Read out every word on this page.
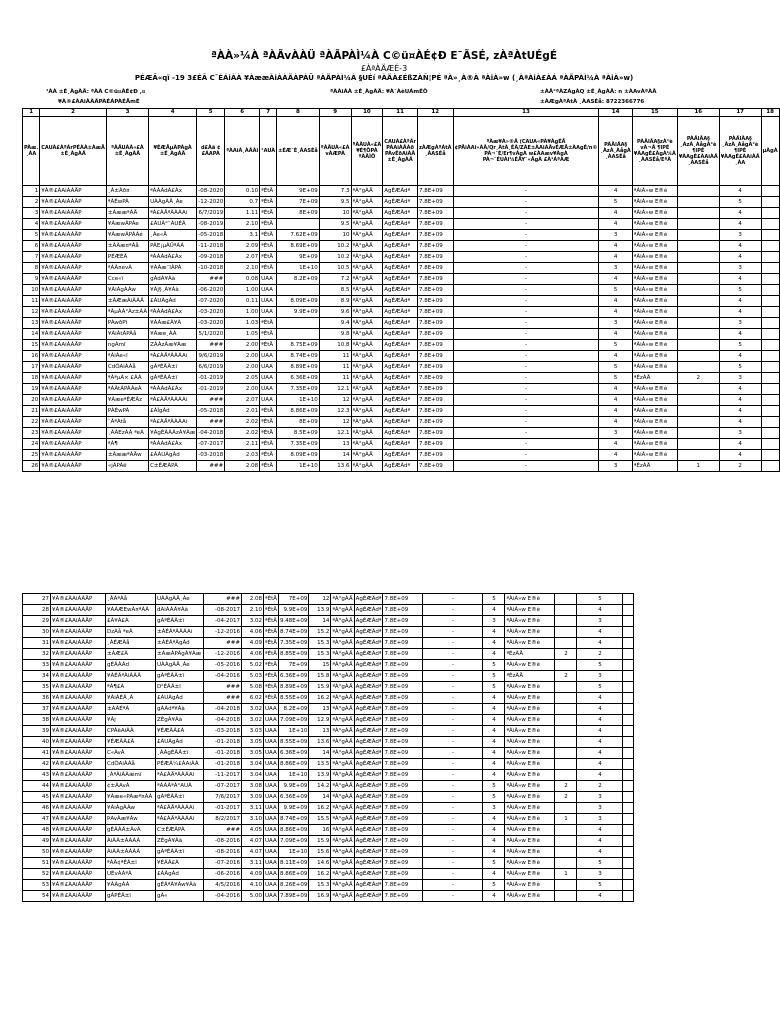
ªÀÀ»¼À ªÀÃvÀÀÜ ªÀÃPÀÌ¼À C©ü¤ÀÉ¢Ð E¯ÃSÉ, zÀªÀtUÉgÉ
£ÀªÀÄÆÉ-3
PÉÆÃ«qï -19 3£ÉÃ C¯ÉÁiÀÀ ¥ÀææÀiÀÀÄÀPÀÜ ªÀÄPÀÌ¼À §UÉí ªÀÄÀ£ÉßZÀÑ¦PÉ ªÀ»¸À®À ªÀiÀ»w (¸ÀªÀiÀ£ÀÁ ªÀÄPÀÌ¼À ªÀiÀ»w)
¹ÀÀ ±É¸ÀgÀÄ: ªÀÀ C©ü¤ÀÉ¢Ð ,¤	ªÀÀiÀÀ ±É¸ÀgÀÄ: ¥À¯ÀèUÁmÉÖ	±ÀÄ°ªÀZÁgÀQ ±É¸ÀgÀÄ: n ±ÀAvÀªÀÄ
¥À®£ÀAiÀÀÄPÀÉÁPÀÉÃmÉ	±ÀÆgÀªÀtÀ ¸ÀASÉå: 8722366776
1	2	3	4	5	6	7	8	9	10	11	12	13	14	15	16	17	18
PÀæ. ¸ÀA	CAUÀ£ÀªÁrPÉÀÀ±ÀæÃ ±É¸ÀgÀÄ	ªÀÄUÀÀ«£À ±É¸ÀgÀÄ	¥ÉÆÃµÀPÀgÀ ±É¸ÀgÀÄ	d£Àä ¢£ÁAPÀ	ªÀAiÀ¸ÀÄÀi	°AUÀ	±ÉÆ¯É¸ÀASÉå	ªÀÄUÀ«£À vÀÆPÀ	ªÀÄUÀ«£À ¥É¶ÖPÀ ªÀÄÌÖ	CAUÀ£ÀªÁr PÀAiÀÄÀð PÀvÉðAiÀÄ ±É¸ÀgÀÄ	zÀÆgÀªÁtÀ ¸ÀASÉå	ªÀæ¥À»®Ä (CAUA«PÀ¥ÀgÉÃ ¢PÃiÀAi»ÀÄ/Qr¸ÀtÀ¸ÉÀ/ZÀE±ÀAiÀÄvÉÆÃ±ÀAgÉ/n© PÀ¬¯É/Er¶vÁgÀ w£ÀAæv¥ÀgÀ PÀ¬¯ÉUÀi¼ÉÃY¨«ÃgÀ £À¹ÁªÀÆ	PÀÄlÄA§ ¸ÀzÀ¸ÀågÀ ¸ÀASÉå	PÀÄlÄA§zÀ°è vÀ¬Ä ¶IPÉ ¥ÀAgÉ£ÀgÀ¼À ¸ÀASÉå/EªÀ	PÀÄlÄA§ ¸ÀzÀ¸ÀågÀ°è ¶IPÉ ¥ÀAgÉ£ÀAiÀÄ ¸ÀASÉå	PÀÄlÄA§ ¸ÀzÀ¸ÀågÀ°è ¶IPÉ ¥ÀAgÉ£ÀAiÀÄ ¸ÀA	µÀgÀ
1	¥À®£ÀAiÀÀÄP	¸À±Àð¤	ªÀÀÀdÃ£Àx	-08-2020	0.10	ªÉtÄ	9E+09	7.3	ªÀ°gÀÄ	AgÉÆÃdª	7.8E+09	-	4	ªÀiÀ»w E®è		4	
2	¥À®£ÀAiÀÀÄP	ªÀÉwPÀ	UÀÀgÀÄ¸Àe	-12-2020	0.7	ªÉtÄ	7E+09	9.5	ªÀ°gÀÄ	AgÉÆÃdª	7.8E+09	-	5	ªÀiÀ»w E®è		5	
3	¥À®£ÀAiÀÀÄP	±ÀææªÀÄ	ªÀ£ÀÄªÀÀÁAi	6/7/2019	1.11	ªÉtÄ	8E+09	10	ªÀ°gÀÄ	AgÉÆÃdª	7.8E+09	-	4	ªÀiÀ»w E®è		4	
4	¥À®£ÀAiÀÀÄP	¥ÀæwÃPÀe	£ÀUÀ°¨ÀUÉÃ	-08-2019	2.10	ªÉtÄ		9.5	ªÀ°gÀÄ	AgÉÆÃdª	7.8E+09	-	4	ªÀiÀ»w E®è		4	
5	¥À®£ÀAiÀÀÄP	¥ÀæwÃPÀÀé	¸Àe«Ä	-05-2018	3.1	ªÉtÄ	7.62E+09	10	ªÀ°gÀÄ	AgÉÆÃdª	7.8E+09	-	3	ªÀiÀ»w E®è		3	
6	¥À®£ÀAiÀÀÄP	±ÀÀæ¤ªÀå	PÃE¡µÀÜªÀÁ	-11-2018	2.09	ªÉtÄ	8.69E+09	10.2	ªÀ°gÀÄ	AgÉÆÃdª	7.8E+09	-	4	ªÀiÀ»w E®è		4	
7	¥À®£ÀAiÀÀÄP	PÉÆÉÃ	ªÀÀÀdÃ£Àx	-09-2018	2.07	ªÉtÄ	9E+09	10.2	ªÀ°gÀÄ	AgÉÆÃdª	7.8E+09	-	4	ªÀiÀ»w E®è		4	
8	¥À®£ÀAiÀÀÄP	ªÀÀ¤evÀ	¥ÀÀæ¨ïÀPÀ	-10-2018	2.10	ªÉtÄ	1E+10	10.5	ªÀ°gÀÄ	AgÉÆÃdª	7.8E+09	-	3	ªÀiÀ»w E®è		3	
9	¥À®£ÀAiÀÀÄP	Cce«ï	gÀdÀ¥Àà	###	0.08	UAA	8.2E+09	7.2	ªÀ°gÀÄ	AgÉÆÃdª	7.8E+09	-	4	ªÀiÀ»w E®è		4	
10	¥À®£ÀAiÀÀÄP	¥ÀiÀgÀÀw	¥Àj§¸À¥Àà	-06-2020	1.00	UAA		8.5	ªÀ°gÀÄ	AgÉÆÃdª	7.8E+09	-	5	ªÀiÀ»w E®è		5	
11	¥À®£ÀAiÀÀÄP	±ÀÆæÀiÀÀÄ	£ÁUÀgÀd	-07-2020	0.11	UAA	8.09E+09	8.9	ªÀ°gÀÄ	AgÉÆÃdª	7.8E+09	-	4	ªÀiÀ»w E®è		4	
12	¥À®£ÀAiÀÀÄP	ªÀµÀÀ°Àz±ÀÀ	ªÀÀÀdÃ£Àx	-03-2020	1.00	UAA	9.9E+09	9.6	ªÀ°gÀÄ	AgÉÆÃdª	7.8E+09	-	4	ªÀiÀ»w E®è		4	
13	¥À®£ÀAiÀÀÄP	PÀwðPï	¥ÀÀæ£À¥À	-03-2020	1.03	ªÉtÄ		9.4	ªÀ°gÀÄ	AgÉÆÃdª	7.8E+09	-	3	ªÀiÀ»w E®è		3	
14	¥À®£ÀAiÀÀÄP	¥ÀiÀtÃPÀå	¥Àæe¸ÀÀ	5/1/2020	1.05	ªÉtÄ		9.8	ªÀ°gÀÄ	AgÉÆÃdª	7.8E+09	-	4	ªÀiÀ»w E®è		4	
15	¥À®£ÀAiÀÀÄP	ngÀmï	ZÀÀzÀæ¥Àæ	###	2.00	ªÉtÄ	8.75E+09	10.8	ªÀ°gÀÄ	AgÉÆÃdª	7.8E+09	-	5	ªÀiÀ»w E®è		5	
16	¥À®£ÀAiÀÀÄP	ªÀiÀe«ï	ªÀ£ÀÄªÀÀÁAi	9/6/2019	2.00	UAA	8.74E+09	11	ªÀ°gÀÄ	AgÉÆÃdª	7.8E+09	-	4	ªÀiÀ»w E®è		4	
17	¥À®£ÀAiÀÀÄP	CdÕAiÀÀå	gÀªÉÃÃ±ï	6/6/2019	2.00	UAA	8.89E+09	11	ªÀ°gÀÄ	AgÉÆÃdª	7.8E+09	-	5	ªÀiÀ»w E®è		5	
18	¥À®£ÀAiÀÀÄP	ªÀªµÀ× £ÀÁ	gÀªÉÃÃ±ï	-01-2019	2.05	UAA	6.36E+09	11	ªÀ°gÀÄ	AgÉÆÃdª	7.8E+09	-	5	ªÉzÀÄ	2	3	
19	¥À®£ÀAiÀÀÄP	ªÀÀtÃPÀÀeÀ	ªÀÀÀdÃ£Àx	-01-2019	2.00	UAA	7.35E+09	12.1	ªÀ°gÀÄ	AgÉÆÃdª	7.8E+09	-	4	ªÀiÀ»w E®è		4	
20	¥À®£ÀAiÀÀÄP	¥ÀæeªÉÆÃz	ªÀ£ÀÄªÀÀÁAi	###	2.07	UAA	1E+10	12	ªÀ°gÀÄ	AgÉÆÃdª	7.8E+09	-	4	ªÀiÀ»w E®è		4	
21	¥À®£ÀAiÀÀÄP	PÀÉwPÀ	£ÀÌgÀd	-05-2018	2.01	ªÉtÄ	8.86E+09	12.3	ªÀ°gÀÄ	AgÉÆÃdª	7.8E+09	-	4	ªÀiÀ»w E®è		4	
22	¥À®£ÀAiÀÀÄP	¯ÀªÀtå	ªÀ£ÀÄªÀÀÁAi	###	2.02	ªÉtÄ	8E+09	12	ªÀ°gÀÄ	AgÉÆÃdª	7.8E+09	-	4	ªÀiÀ»w E®è		4	
23	¥À®£ÀAiÀÀÄP	¸ÀÃEzÀÃ ªeÀ	¥ÀgÉÃÀÃzÀ¥Àæ	-04-2018	2.02	ªÉtÄ	8.5E+09	12.1	ªÀ°gÀÄ	AgÉÆÃdª	7.8E+09	-	3	ªÀiÀ»w E®è		3	
24	¥À®£ÀAiÀÀÄP	ªÀ¶	ªÀÀÀdÃ£Àx	-07-2017	2.11	ªÉtÄ	7.35E+09	13	ªÀ°gÀÄ	AgÉÆÃdª	7.8E+09	-	4	ªÀiÀ»w E®è		4	
25	¥À®£ÀAiÀÀÄP	±ÀææªÀÄw	£ÀÁUÀgÀd	-03-2018	2.03	ªÉtÄ	8.09E+09	14	ªÀ°gÀÄ	AgÉÆÃdª	7.8E+09	-	4	ªÀiÀ»w E®è		4	
26	¥À®£ÀAiÀÀÄP	«jÃPÀë	C±ÉÆÃPÀ	###	2.08	ªÉtÄ	1E+10	13.6	ªÀ°gÀÄ	AgÉÆÃdª	7.8E+09	-	3	ªÉzÀÄ	1	2	
27	¥À®£ÀAiÀÀÄP	¸ÀÀªÀå	UÀÀgÀÄ¸Àe	###	2.08	ªÉtÄ	7E+09	12	ªÀ°gÀÄ	AgÉÆÃdª	7.8E+09	-	5	ªÀiÀ»w E®è		5	
28	¥À®£ÀAiÀÀÄP	¥ÀÁÆEwÃ¤ªÀÀ	dAiÀÀÃ¥Àà	-08-2017	2.10	ªÉtÄ	9.9E+09	13.9	ªÀ°gÀÄ	AgÉÆÃdª	7.8E+09	-	4	ªÀiÀ»w E®è		4	
29	¥À®£ÀAiÀÀÄP	£À¥À£À	gÀªÉÃÃ±ï	-04-2017	3.02	ªÉtÄ	9.48E+09	14	ªÀ°gÀÄ	AgÉÆÃdª	7.8E+09	-	3	ªÀiÀ»w E®è		3	
30	¥À®£ÀAiÀÀÄP	DzÀå ªeÀ	±ÀÉÃªÀÀÁAi	-12-2016	4.06	ªÉtÄ	8.74E+09	15.2	ªÀ°gÀÄ	AgÉÆÃdª	7.8E+09	-	4	ªÀiÀ»w E®è		4	
31	¥À®£ÀAiÀÀÄP	¸ÀÉÆÃå	±ÀÉÃªÀgÀd	###	4.09	ªÉtÄ	7.35E+09	15.3	ªÀ°gÀÄ	AgÉÆÃdª	7.8E+09	-	4	ªÀiÀ»w E®è		4	
32	¥À®£ÀAiÀÀÄP	±ÀÆ£Ã	±ÀæÀPÀgÀ¥Àæ	-12-2016	4.06	ªÉtÄ	8.85E+09	15.3	ªÀ°gÀÄ	AgÉÆÃdª	7.8E+09	-	4	ªÉzÀÄ	2	2	
33	¥À®£ÀAiÀÀÄP	gÉÃÀÃd	UÀÀgÀÄ¸Àe	-05-2016	5.02	ªÉtÄ	7E+09	15	ªÀ°gÀÄ	AgÉÆÃdª	7.8E+09	-	5	ªÀiÀ»w E®è		5	
34	¥À®£ÀAiÀÀÄP	¥ÀÉÃªÀiÀÀÃ	gÀªÉÃÃ±ï	-04-2016	5.03	ªÉtÄ	6.36E+09	15.8	ªÀ°gÀÄ	AgÉÆÃdª	7.8E+09	-	5	ªÉzÀÄ	2	3	
35	¥À®£ÀAiÀÀÄP	ªÀ¶£À	D²ÉÃÃ±ï	###	5.08	ªÉtÄ	8.89E+09	15.9	ªÀ°gÀÄ	AgÉÆÃdª	7.8E+09	-	5	ªÀiÀ»w E®è		5	
36	¥À®£ÀAiÀÀÄP	¥ÀiÀÉÃ¸À	£ÁUÀgÀd	###	6.02	ªÉtÄ	8.55E+09	16.2	ªÀ°gÀÄ	AgÉÆÃdª	7.8E+09	-	4	ªÀiÀ»w E®è		4	
37	¥À®£ÀAiÀÀÄP	±ÀÀÉªÀ	gÀÀdª¥Àà	-04-2018	3.02	UAA	8.2E+09	13	ªÀ°gÀÄ	AgÉÆÃdª	7.8E+09	-	4	ªÀiÀ»w E®è		4	
38	¥À®£ÀAiÀÀÄP	¥Àj	ZÉgÀ¥Àà	-04-2018	3.02	UAA	7.09E+09	12.9	ªÀ°gÀÄ	AgÉÆÃdª	7.8E+09	-	4	ªÀiÀ»w E®è		4	
39	¥À®£ÀAiÀÀÄP	CPÀëAiÀÀ	¥ÉÆÃÃ£À	-03-2018	3.03	UAA	1E+10	13	ªÀ°gÀÄ	AgÉÆÃdª	7.8E+09	-	4	ªÀiÀ»w E®è		4	
40	¥À®£ÀAiÀÀÄP	¥ÉÆÃÃ£À	£ÀUÀgÀd	-01-2018	3.05	UAA	8.55E+09	13.6	ªÀ°gÀÄ	AgÉÆÃdª	7.8E+09	-	4	ªÀiÀ»w E®è		4	
41	¥À®£ÀAiÀÀÄP	C«ÀvÀ	¸ÀÀgÉÃÃ±ï	-01-2018	3.05	UAA	6.36E+09	14	ªÀ°gÀÄ	AgÉÆÃdª	7.8E+09	-	4	ªÀiÀ»w E®è		4	
42	¥À®£ÀAiÀÀÄP	CdÕAiÀÀå	PÉÆÃ¼£ÀAiÀÀ	-01-2018	3.04	UAA	8.86E+09	13.5	ªÀ°gÀÄ	AgÉÆÃdª	7.8E+09	-	4	ªÀiÀ»w E®è		4	
43	¥À®£ÀAiÀÀÄP	¸ÀªÀiÀÀæmï	ªÀ£ÀÄªÀÀÁAi	-11-2017	3.04	UAA	1E+10	13.9	ªÀ°gÀÄ	AgÉÆÃdª	7.8E+09	-	4	ªÀiÀ»w E®è		4	
44	¥À®£ÀAiÀÀÄP	¢±ÀAvÀ	ªÀÀÃªÀ°AUÀ	-07-2017	3.08	UAA	9.9E+09	14.2	ªÀ°gÀÄ	AgÉÆÃdª	7.8E+09	-	5	ªÀiÀ»w E®è	2	2	
45	¥À®£ÀAiÀÀÄP	¥Àæe«PÀæª¤ÀÀ	gÀªÉÃÃ±ï	7/6/2017	3.09	UAA	6.36E+09	14	ªÀ°gÀÄ	AgÉÆÃdª	7.8E+09	-	5	ªÀiÀ»w E®è	2	3	
46	¥À®£ÀAiÀÀÄP	¥ÀiÀgÀÀw	ªÀ£ÀÄªÀÀÁAi	-01-2017	3.11	UAA	9.9E+09	16.2	ªÀ°gÀÄ	AgÉÆÃdª	7.8E+09	-	3	ªÀiÀ»w E®è		3	
47	¥À®£ÀAiÀÀÄP	ÞAvÀæ¥Àw	ªÀ£ÀÄªÀÀÁAi	8/2/2017	3.10	UAA	8.74E+09	15.5	ªÀ°gÀÄ	AgÉÆÃdª	7.8E+09	-	4	ªÀiÀ»w E®è	1	3	
48	¥À®£ÀAiÀÀÄP	gÉÃÀÃ±ÀvÀ	C±ÉÆÃPÀ	###	4.05	UAA	8.86E+09	16	ªÀ°gÀÄ	AgÉÆÃdª	7.8E+09	-	4	ªÀiÀ»w E®è		4	
49	¥À®£ÀAiÀÀÄP	ÀiÀÀ±ÀÀÀÀ	ZÉgÀ¥Àà	-08-2016	4.07	UAA	7.09E+09	15.9	ªÀ°gÀÄ	AgÉÆÃdª	7.8E+09	-	4	ªÀiÀ»w E®è		4	
50	¥À®£ÀAiÀÀÄP	ÀiÀÀ±ÀÀÀÀ	gÀªÉÃÃ±ï	-08-2016	4.07	UAA	1E+10	15.6	ªÀ°gÀÄ	AgÉÆÃdª	7.8E+09	-	4	ªÀiÀ»w E®è		4	
51	¥À®£ÀAiÀÀÄP	ªÀÃ¢ªÉÃ±ï	¥ÉÃÃ£À	-07-2016	3.11	UAA	8.11E+09	14.6	ªÀ°gÀÄ	AgÉÆÃdª	7.8E+09	-	5	ªÀiÀ»w E®è		5	
52	¥À®£ÀAiÀÀÄP	UÉvÀÀªÀ	£ÀÀgÀd	-06-2016	4.09	UAA	8.86E+09	16.2	ªÀ°gÀÄ	AgÉÆÃdª	7.8E+09	-	4	ªÀiÀ»w E®è	1	3	
53	¥À®£ÀAiÀÀÄP	¥ÀÀgÀÀ	gÉÃªÀ¥Àw¥Àà	4/5/2016	4.10	UAA	8.26E+09	15.3	ªÀ°gÀÄ	AgÉÆÃdª	7.8E+09	-	5	ªÀiÀ»w E®è		5	
54	¥À®£ÀAiÀÀÄP	gÁPÉÃ±ï	gÀ«	-04-2016	5.00	UAA	7.89E+09	16.9	ªÀ°gÀÄ	AgÉÆÃdª	7.8E+09	-	4	ªÀiÀ»w E®è		4	
